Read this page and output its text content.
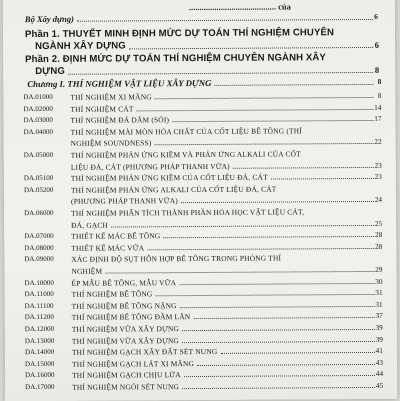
......................................... của
Bộ Xây dựng)	6
Phần 1. THUYẾT MINH ĐỊNH MỨC DỰ TOÁN THÍ NGHIỆM CHUYÊN
NGÀNH XÂY DỰNG	6
Phần 2. ĐỊNH MỨC DỰ TOÁN THÍ NGHIỆM CHUYÊN NGÀNH XÂY
DỰNG	8
Chương I. THÍ NGHIỆM VẬT LIỆU XÂY DỰNG	8
DA.01000 THÍ NGHIỆM XI MĂNG	8
DA.02000 THÍ NGHIỆM CÁT	14
DA.03000 THÍ NGHIỆM ĐÁ DĂM (SỎI)	17
DA.04000 THÍ NGHIỆM MÀI MÒN HÓA CHẤT CỦA CỐT LIỆU BÊ TÔNG (THÍ
NGHIỆM SOUNDNESS)	22
DA.05000 THÍ NGHIỆM PHẢN ỨNG KIỀM VÀ PHẢN ỨNG ALKALI CỦA CỐT
LIỆU ĐÁ, CÁT (PHƯƠNG PHÁP THANH VỮA)	23
DA.05100 THÍ NGHIỆM PHẢN ỨNG KIỀM CỦA CỐT LIỆU ĐÁ, CÁT	23
DA.05200 THÍ NGHIỆM PHẢN ỨNG ALKALI CỦA CỐT LIỆU ĐÁ, CÁT
(PHƯƠNG PHÁP THANH VỮA)	24
DA.06000 THÍ NGHIỆM PHÂN TÍCH THÀNH PHẦN HÓA HỌC VẬT LIỆU CÁT,
ĐÁ, GẠCH	25
DA.07000 THIẾT KẾ MÁC BÊ TÔNG	28
DA.08000 THIẾT KẾ MÁC VỮA	28
DA.09000 XÁC ĐỊNH ĐỘ SỤT HỖN HỢP BÊ TÔNG TRONG PHÒNG THÍ
NGHIỆM	29
DA.10000 ÉP MẪU BÊ TÔNG, MẪU VỮA	30
DA.11000 THÍ NGHIỆM BÊ TÔNG	31
DA.11100 THÍ NGHIỆM BÊ TÔNG NẶNG	31
DA.11200 THÍ NGHIỆM BÊ TÔNG ĐẦM LĂN	37
DA.12000 THÍ NGHIỆM VỮA XÂY DỰNG	39
DA.13000 THÍ NGHIỆM VỮA XÂY DỰNG	39
DA.14000 THÍ NGHIỆM GẠCH XÂY ĐẤT SÉT NUNG	41
DA.15000 THÍ NGHIỆM GẠCH LÁT XI MĂNG	43
DA.16000 THÍ NGHIỆM GẠCH CHỊU LỬA	44
DA.17000 THÍ NGHIỆM NGÓI SÉT NUNG	45
